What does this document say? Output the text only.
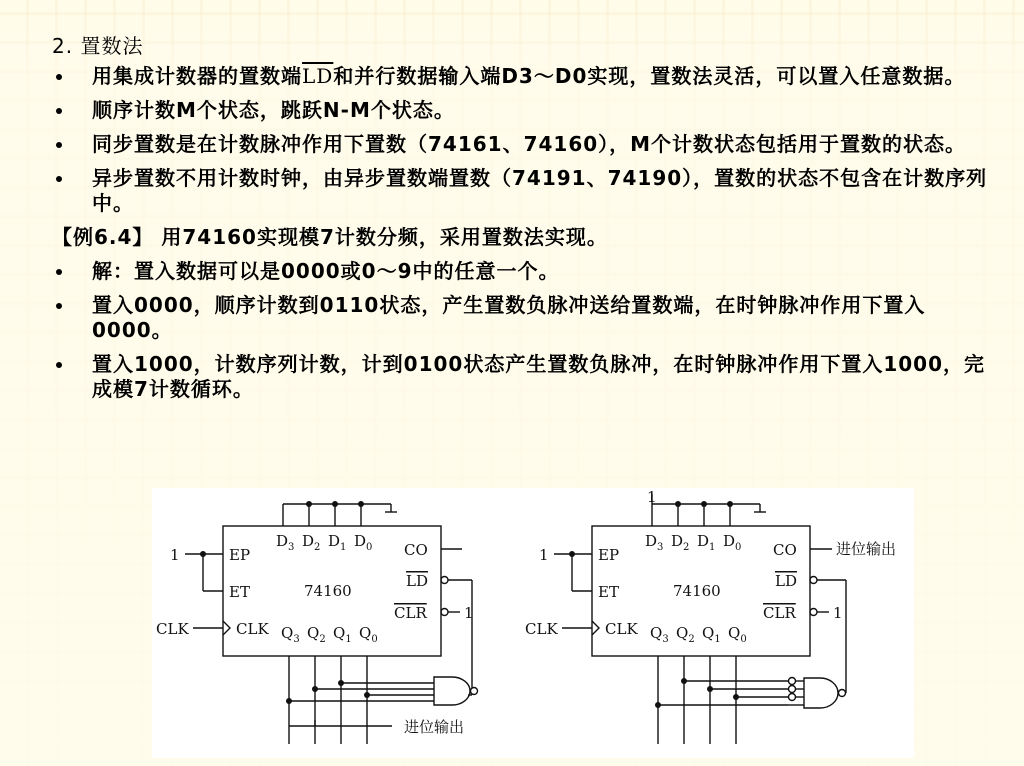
2. 置数法
用集成计数器的置数端$\overline{LD}$和并行数据输入端D3～D0实现，置数法灵活，可以置入任意数据。
顺序计数M个状态，跳跃N-M个状态。
同步置数是在计数脉冲作用下置数（74161、74160），M个计数状态包括用于置数的状态。
异步置数不用计数时钟，由异步置数端置数（74191、74190），置数的状态不包含在计数序列中。
【例6.4】 用74160实现模7计数分频，采用置数法实现。
解：置入数据可以是0000或0～9中的任意一个。
置入0000，顺序计数到0110状态，产生置数负脉冲送给置数端，在时钟脉冲作用下置入0000。
置入1000，计数序列计数，计到0100状态产生置数负脉冲，在时钟脉冲作用下置入1000，完成模7计数循环。
EP
ET
CLK
CO
LD
CLR
74160
1
CLK
1
进位输出
$D_3$ $D_2$ $D_1$ $D_0$
$Q_3$ $Q_2$ $Q_1$ $Q_0$
EP
ET
CLK
CO
LD
CLR
74160
1
CLK
1
1
进位输出
$D_3$ $D_2$ $D_1$ $D_0$
$Q_3$ $Q_2$ $Q_1$ $Q_0$
